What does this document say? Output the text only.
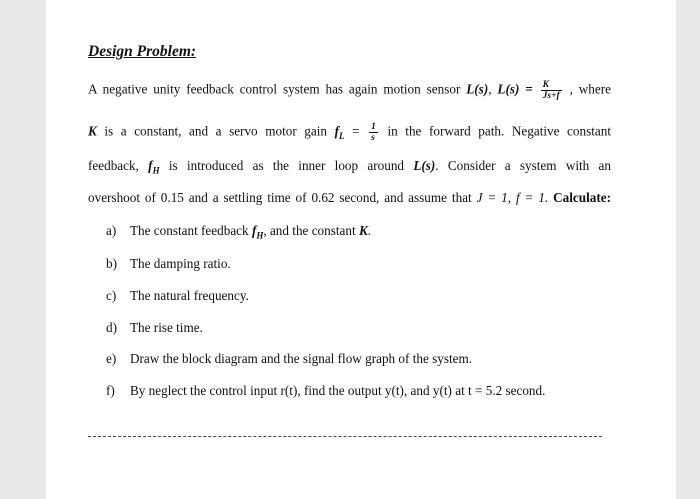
Design Problem:
A negative unity feedback control system has again motion sensor L(s), $L(s) = \frac{K}{Js+f}$ , where
K is a constant, and a servo motor gain $f_L = \frac{1}{s}$ in the forward path. Negative constant
feedback, $f_H$ is introduced as the inner loop around L(s). Consider a system with an
overshoot of 0.15 and a settling time of 0.62 second, and assume that J = 1, f = 1. Calculate:
a) The constant feedback $f_H$, and the constant K.
b) The damping ratio.
c) The natural frequency.
d) The rise time.
e) Draw the block diagram and the signal flow graph of the system.
f) By neglect the control input r(t), find the output y(t), and y(t) at t = 5.2 second.
